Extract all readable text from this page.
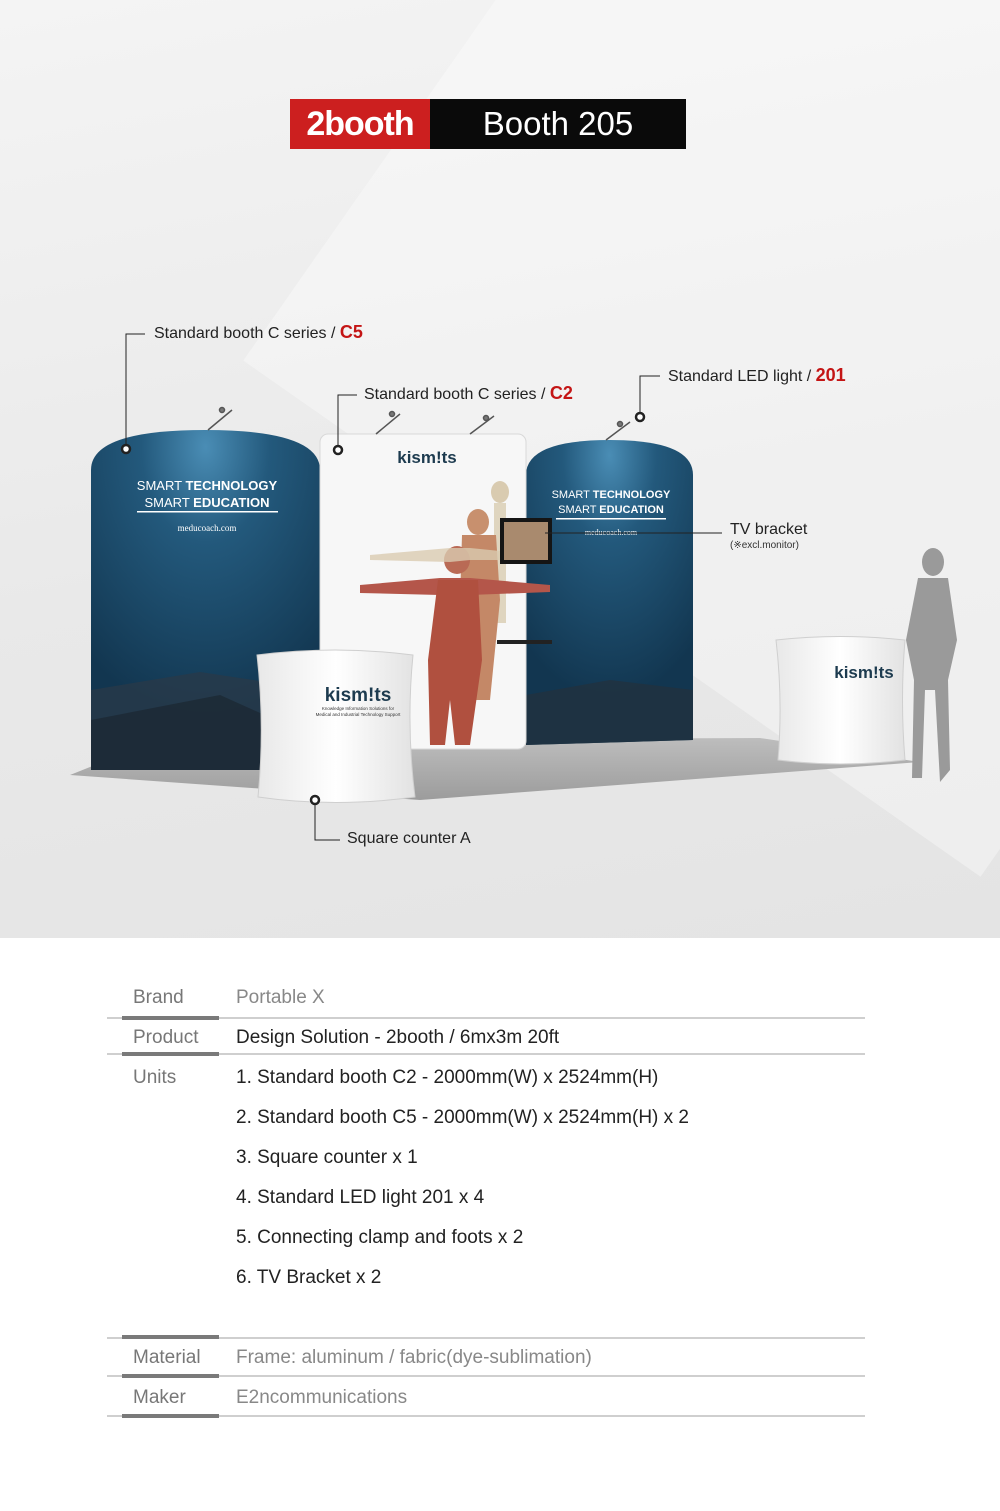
2booth	Booth 205
SMART TECHNOLOGY
SMART EDUCATION
meducoach.com
SMART TECHNOLOGY
SMART EDUCATION
meducoach.com
kism!ts
kism!ts
Knowledge Information Solutions for
Medical and Industrial Technology Support
kism!ts
Standard booth C series / C5
Standard booth C series / C2
Standard LED light / 201
TV bracket
(※excl.monitor)
Square counter A
Brand	Portable X
Product	Design Solution - 2booth / 6mx3m 20ft
Units	1. Standard booth C2 - 2000mm(W) x 2524mm(H)
2. Standard booth C5 - 2000mm(W) x 2524mm(H) x 2
3. Square counter x 1
4. Standard LED light 201 x 4
5. Connecting clamp and foots x 2
6. TV Bracket x 2
Material	Frame: aluminum / fabric(dye-sublimation)
Maker	E2ncommunications
